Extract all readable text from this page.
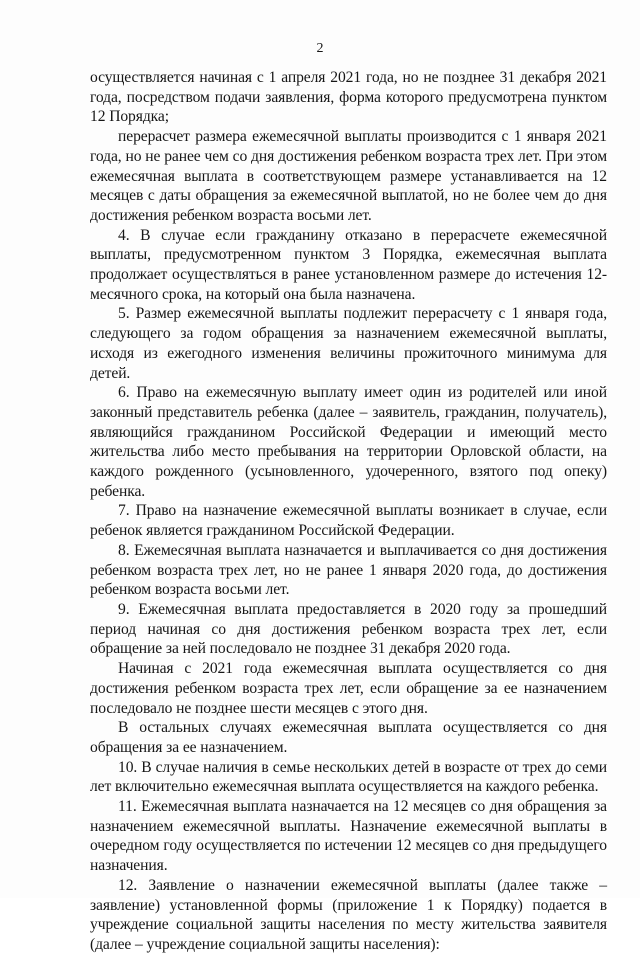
2

осуществляется начиная с 1 апреля 2021 года, но не позднее 31 декабря 2021 года, посредством подачи заявления, форма которого предусмотрена пунктом 12 Порядка;

перерасчет размера ежемесячной выплаты производится с 1 января 2021 года, но не ранее чем со дня достижения ребенком возраста трех лет. При этом ежемесячная выплата в соответствующем размере устанавливается на 12 месяцев с даты обращения за ежемесячной выплатой, но не более чем до дня достижения ребенком возраста восьми лет.

4. В случае если гражданину отказано в перерасчете ежемесячной выплаты, предусмотренном пунктом 3 Порядка, ежемесячная выплата продолжает осуществляться в ранее установленном размере до истечения 12-месячного срока, на который она была назначена.

5. Размер ежемесячной выплаты подлежит перерасчету с 1 января года, следующего за годом обращения за назначением ежемесячной выплаты, исходя из ежегодного изменения величины прожиточного минимума для детей.

6. Право на ежемесячную выплату имеет один из родителей или иной законный представитель ребенка (далее – заявитель, гражданин, получатель), являющийся гражданином Российской Федерации и имеющий место жительства либо место пребывания на территории Орловской области, на каждого рожденного (усыновленного, удочеренного, взятого под опеку) ребенка.

7. Право на назначение ежемесячной выплаты возникает в случае, если ребенок является гражданином Российской Федерации.

8. Ежемесячная выплата назначается и выплачивается со дня достижения ребенком возраста трех лет, но не ранее 1 января 2020 года, до достижения ребенком возраста восьми лет.

9. Ежемесячная выплата предоставляется в 2020 году за прошедший период начиная со дня достижения ребенком возраста трех лет, если обращение за ней последовало не позднее 31 декабря 2020 года.

Начиная с 2021 года ежемесячная выплата осуществляется со дня достижения ребенком возраста трех лет, если обращение за ее назначением последовало не позднее шести месяцев с этого дня.

В остальных случаях ежемесячная выплата осуществляется со дня обращения за ее назначением.

10. В случае наличия в семье нескольких детей в возрасте от трех до семи лет включительно ежемесячная выплата осуществляется на каждого ребенка.

11. Ежемесячная выплата назначается на 12 месяцев со дня обращения за назначением ежемесячной выплаты. Назначение ежемесячной выплаты в очередном году осуществляется по истечении 12 месяцев со дня предыдущего назначения.

12. Заявление о назначении ежемесячной выплаты (далее также – заявление) установленной формы (приложение 1 к Порядку) подается в учреждение социальной защиты населения по месту жительства заявителя (далее – учреждение социальной защиты населения):
